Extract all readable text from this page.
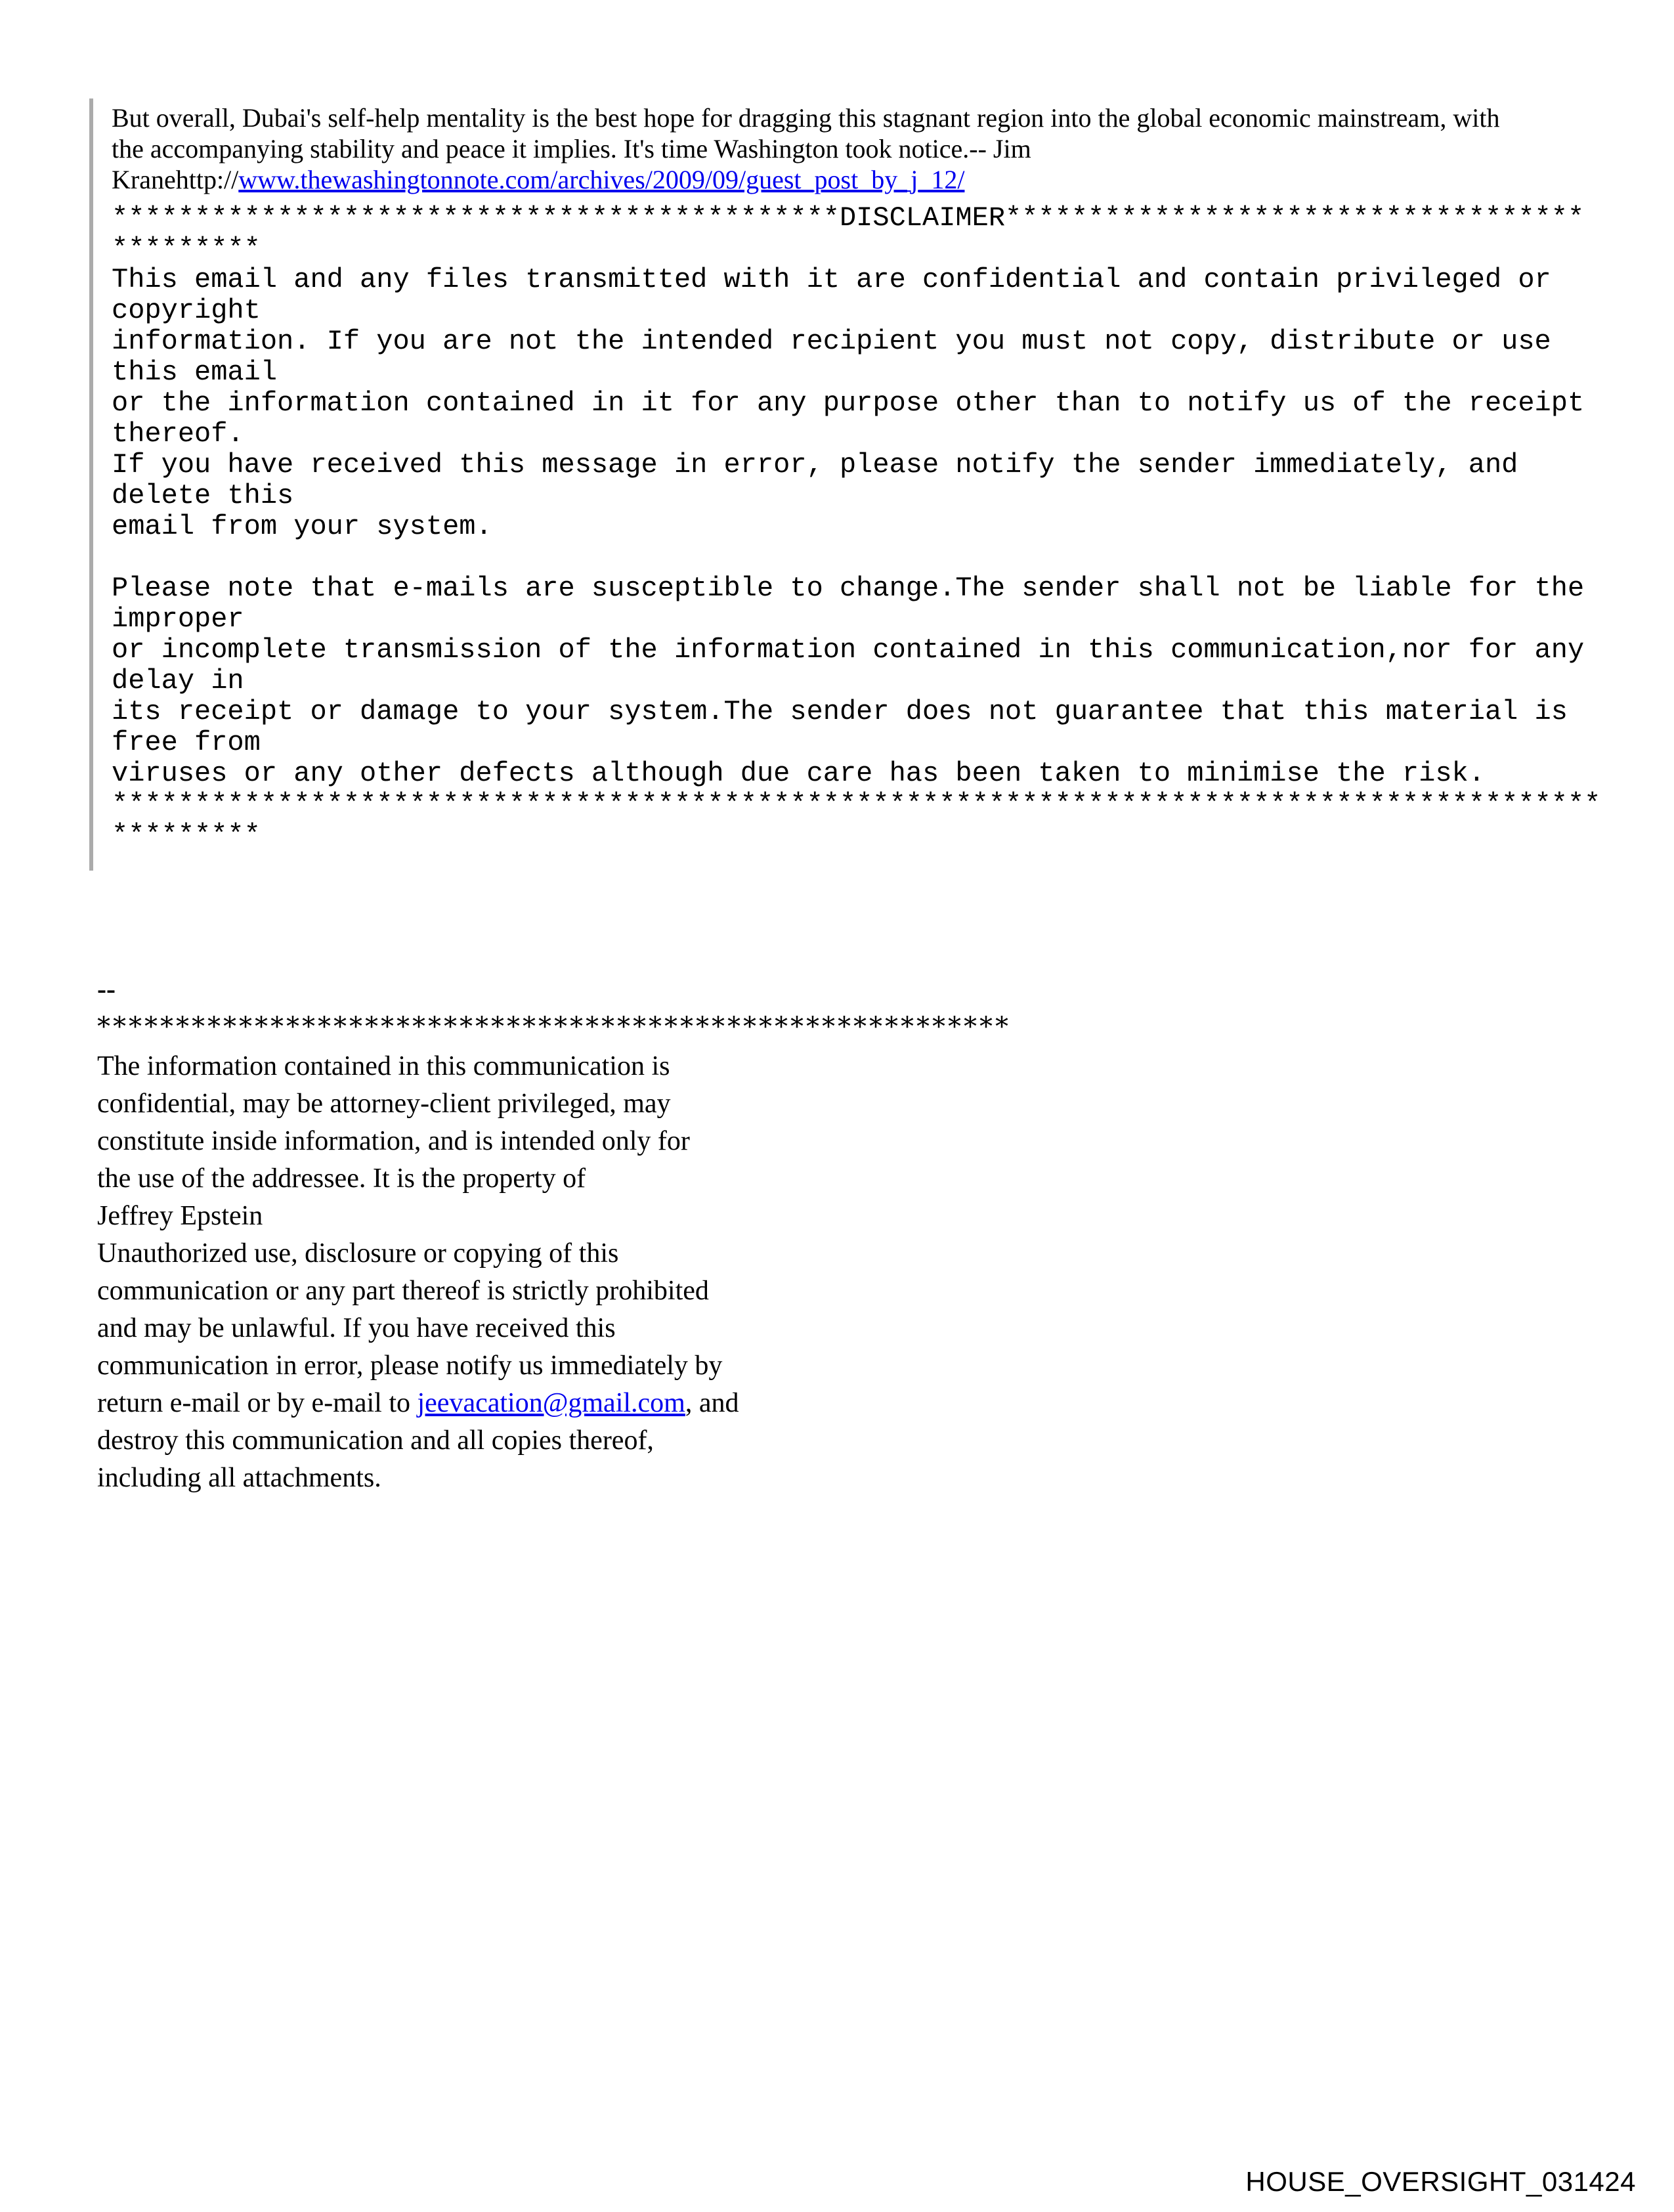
But overall, Dubai's self-help mentality is the best hope for dragging this stagnant region into the global economic mainstream, with
the accompanying stability and peace it implies. It's time Washington took notice.-- Jim
Kranehttp://www.thewashingtonnote.com/archives/2009/09/guest_post_by_j_12/
********************************************DISCLAIMER***********************************
*********
This email and any files transmitted with it are confidential and contain privileged or
copyright
information. If you are not the intended recipient you must not copy, distribute or use
this email
or the information contained in it for any purpose other than to notify us of the receipt
thereof.
If you have received this message in error, please notify the sender immediately, and
delete this
email from your system.
Please note that e-mails are susceptible to change.The sender shall not be liable for the
improper
or incomplete transmission of the information contained in this communication,nor for any
delay in
its receipt or damage to your system.The sender does not guarantee that this material is
free from
viruses or any other defects although due care has been taken to minimise the risk.
******************************************************************************************
*********
--
**********************************************************
The information contained in this communication is
confidential, may be attorney-client privileged, may
constitute inside information, and is intended only for
the use of the addressee. It is the property of
Jeffrey Epstein
Unauthorized use, disclosure or copying of this
communication or any part thereof is strictly prohibited
and may be unlawful. If you have received this
communication in error, please notify us immediately by
return e-mail or by e-mail to jeevacation@gmail.com, and
destroy this communication and all copies thereof,
including all attachments.
HOUSE_OVERSIGHT_031424
